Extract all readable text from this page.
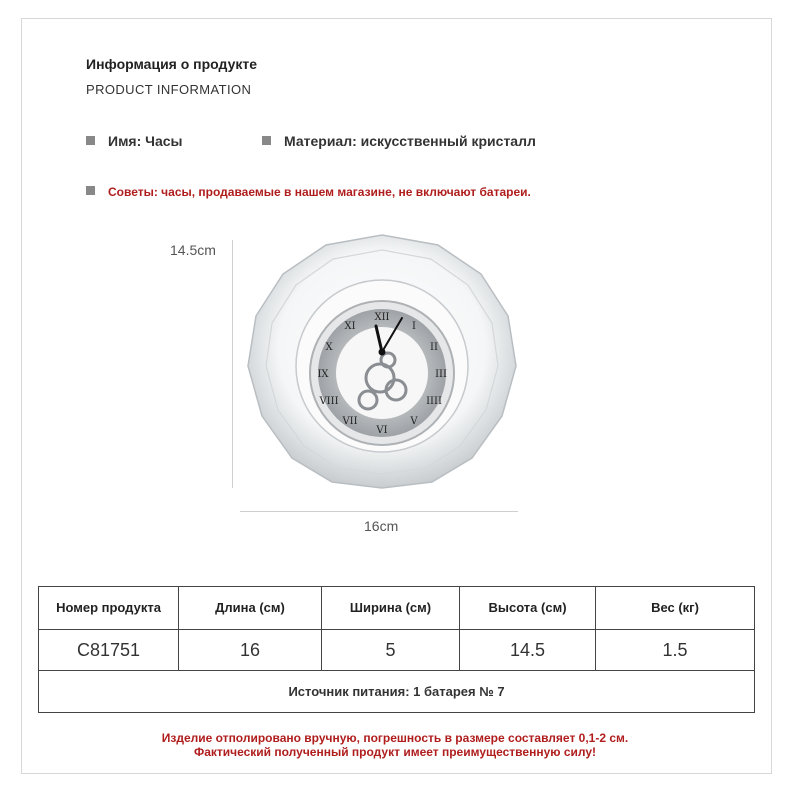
Информация о продукте
PRODUCT INFORMATION
Имя: Часы	Материал: искусственный кристалл
Советы: часы, продаваемые в нашем магазине, не включают батареи.
14.5cm
XII
I
II
III
IIII
V
VI
VII
VIII
IX
X
XI
16cm
Номер продукта	Длина (см)	Ширина (см)	Высота (см)	Вес (кг)
C81751	16	5	14.5	1.5
Источник питания: 1 батарея № 7				
Изделие отполировано вручную, погрешность в размере составляет 0,1-2 см. Фактический полученный продукт имеет преимущественную силу!
